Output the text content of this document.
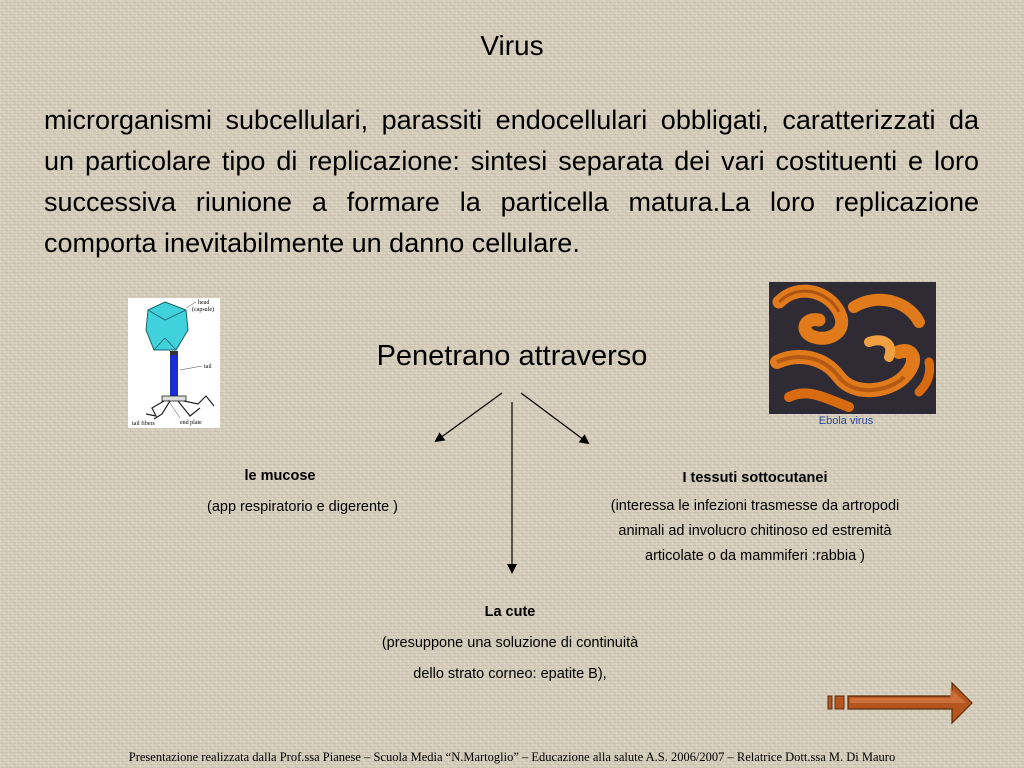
Virus
microrganismi subcellulari, parassiti endocellulari obbligati, caratterizzati da un particolare tipo di replicazione: sintesi separata dei vari costituenti e loro successiva riunione a formare la particella matura.La loro replicazione comporta inevitabilmente un danno cellulare.
head
(capsule)
tail
tail fibers	end plate	Ebola virus
Penetrano attraverso
le mucose
(app respiratorio e digerente )
I tessuti sottocutanei
(interessa le infezioni trasmesse da artropodi
animali ad involucro chitinoso ed estremità
articolate o da mammiferi :rabbia )
La cute
(presuppone una soluzione di continuità
dello strato corneo: epatite B),
Presentazione realizzata dalla Prof.ssa Pianese – Scuola Media “N.Martoglio” – Educazione alla salute A.S. 2006/2007 – Relatrice Dott.ssa M. Di Mauro
